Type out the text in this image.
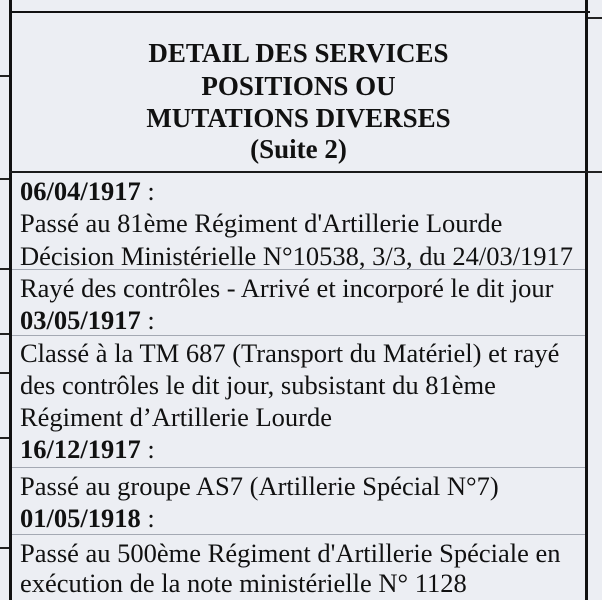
DETAIL DES SERVICES
POSITIONS OU
MUTATIONS DIVERSES
(Suite 2)
06/04/1917 :
Passé au 81ème Régiment d'Artillerie Lourde
Décision Ministérielle N°10538, 3/3, du 24/03/1917
Rayé des contrôles - Arrivé et incorporé le dit jour
03/05/1917 :
Classé à la TM 687 (Transport du Matériel) et rayé
des contrôles le dit jour, subsistant du 81ème
Régiment d’Artillerie Lourde
16/12/1917 :
Passé au groupe AS7 (Artillerie Spécial N°7)
01/05/1918 :
Passé au 500ème Régiment d'Artillerie Spéciale en
exécution de la note ministérielle N° 1128
